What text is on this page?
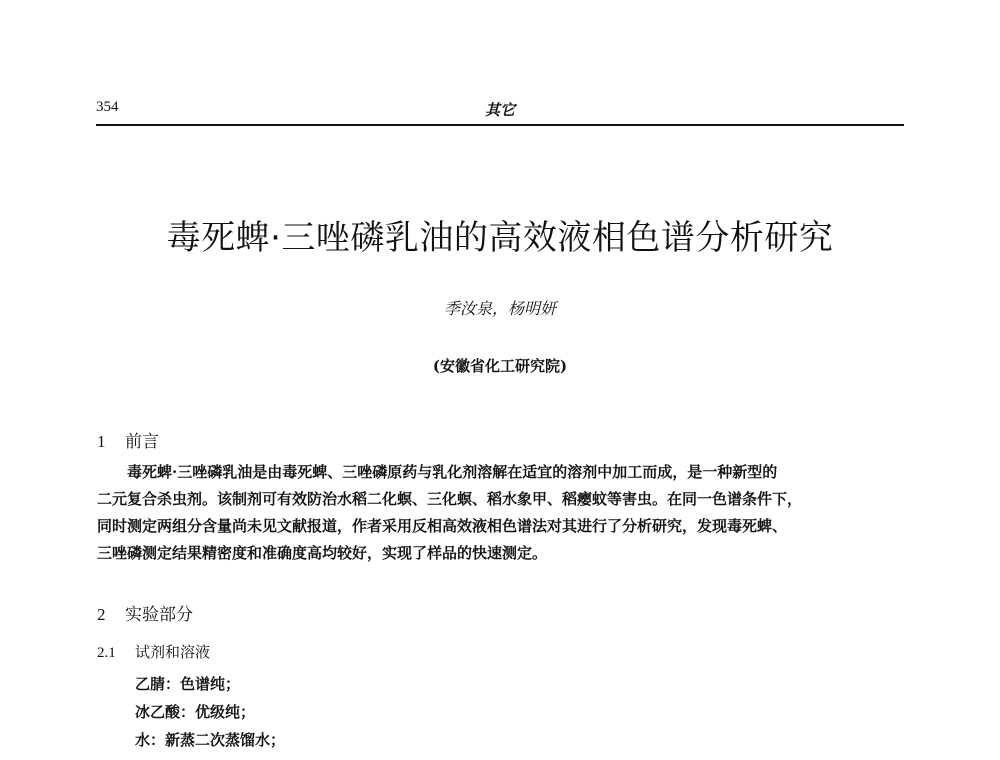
354	其它
毒死蜱·三唑磷乳油的高效液相色谱分析研究
季汝泉，杨明妍
(安徽省化工研究院)
1 前言
毒死蜱·三唑磷乳油是由毒死蜱、三唑磷原药与乳化剂溶解在适宜的溶剂中加工而成，是一种新型的
二元复合杀虫剂。该制剂可有效防治水稻二化螟、三化螟、稻水象甲、稻瘿蚊等害虫。在同一色谱条件下，
同时测定两组分含量尚未见文献报道，作者采用反相高效液相色谱法对其进行了分析研究，发现毒死蜱、
三唑磷测定结果精密度和准确度高均较好，实现了样品的快速测定。
2 实验部分
2.1 试剂和溶液
乙腈：色谱纯；
冰乙酸：优级纯；
水：新蒸二次蒸馏水；
